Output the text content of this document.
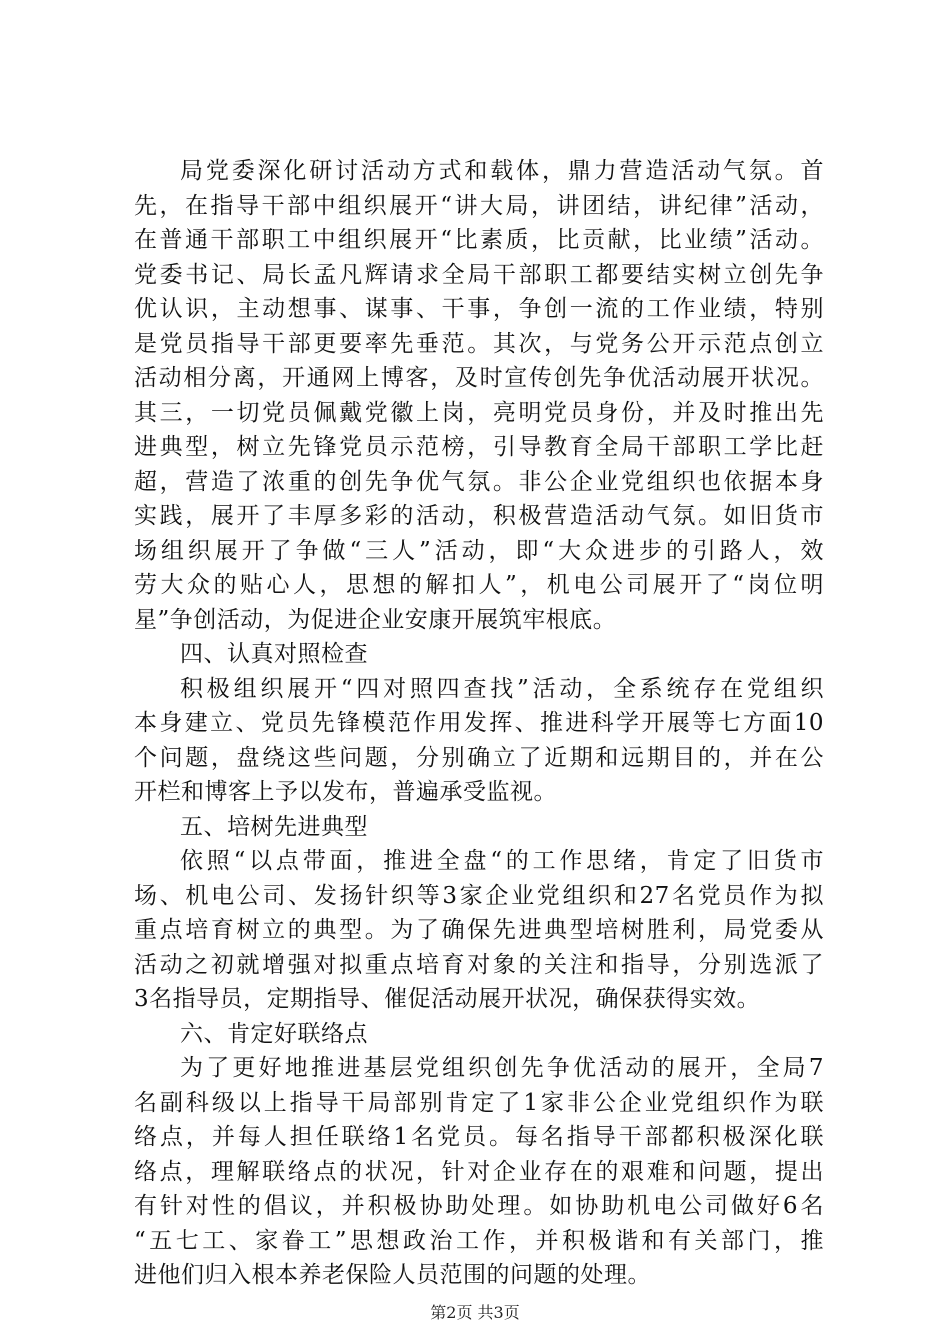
局党委深化研讨活动方式和载体，鼎力营造活动气氛。首
先，在指导干部中组织展开“讲大局，讲团结，讲纪律”活动，
在普通干部职工中组织展开“比素质，比贡献，比业绩”活动。
党委书记、局长孟凡辉请求全局干部职工都要结实树立创先争
优认识，主动想事、谋事、干事，争创一流的工作业绩，特别
是党员指导干部更要率先垂范。其次，与党务公开示范点创立
活动相分离，开通网上博客，及时宣传创先争优活动展开状况。
其三，一切党员佩戴党徽上岗，亮明党员身份，并及时推出先
进典型，树立先锋党员示范榜，引导教育全局干部职工学比赶
超，营造了浓重的创先争优气氛。非公企业党组织也依据本身
实践，展开了丰厚多彩的活动，积极营造活动气氛。如旧货市
场组织展开了争做“三人”活动，即“大众进步的引路人，效
劳大众的贴心人，思想的解扣人”，机电公司展开了“岗位明
星”争创活动，为促进企业安康开展筑牢根底。
四、认真对照检查
积极组织展开“四对照四查找”活动，全系统存在党组织
本身建立、党员先锋模范作用发挥、推进科学开展等七方面10
个问题，盘绕这些问题，分别确立了近期和远期目的，并在公
开栏和博客上予以发布，普遍承受监视。
五、培树先进典型
依照“以点带面，推进全盘“的工作思绪，肯定了旧货市
场、机电公司、发扬针织等3家企业党组织和27名党员作为拟
重点培育树立的典型。为了确保先进典型培树胜利，局党委从
活动之初就增强对拟重点培育对象的关注和指导，分别选派了
3名指导员，定期指导、催促活动展开状况，确保获得实效。
六、肯定好联络点
为了更好地推进基层党组织创先争优活动的展开，全局7
名副科级以上指导干局部别肯定了1家非公企业党组织作为联
络点，并每人担任联络1名党员。每名指导干部都积极深化联
络点，理解联络点的状况，针对企业存在的艰难和问题，提出
有针对性的倡议，并积极协助处理。如协助机电公司做好6名
“五七工、家眷工”思想政治工作，并积极谐和有关部门，推
进他们归入根本养老保险人员范围的问题的处理。
第2页 共3页
